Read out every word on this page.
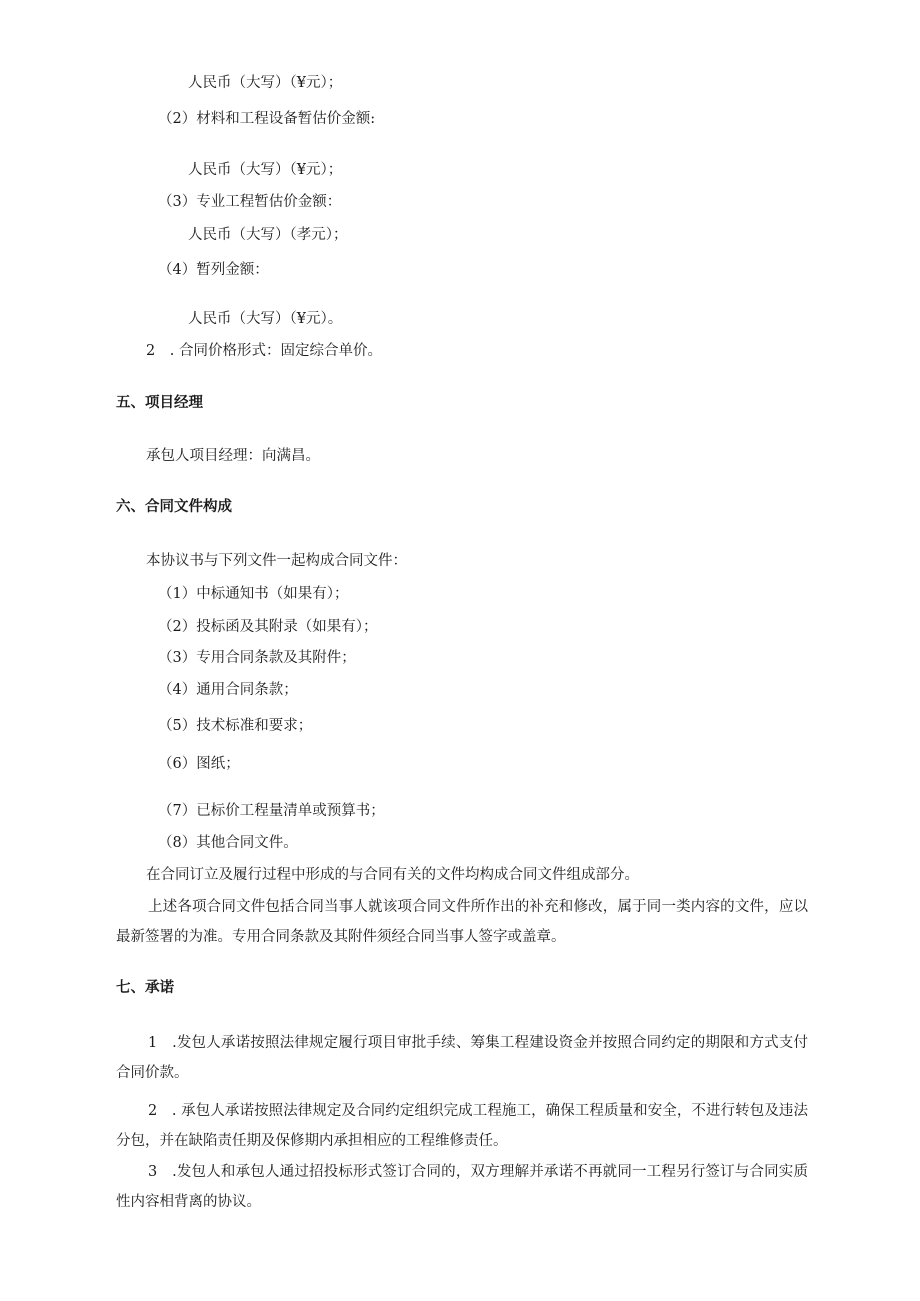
人民币（大写）（¥元）；

（2）材料和工程设备暂估价金额:

人民币（大写）（¥元）；

（3）专业工程暂估价金额：

人民币（大写）（孝元）；

（4）暂列金额：

人民币（大写）（¥元）。

2　. 合同价格形式：固定综合单价。

五、项目经理

承包人项目经理：向满昌。

六、合同文件构成

本协议书与下列文件一起构成合同文件：

（1）中标通知书（如果有）；

（2）投标函及其附录（如果有）；

（3）专用合同条款及其附件；

（4）通用合同条款；

（5）技术标准和要求；

（6）图纸；

（7）已标价工程量清单或预算书；

（8）其他合同文件。

在合同订立及履行过程中形成的与合同有关的文件均构成合同文件组成部分。

上述各项合同文件包括合同当事人就该项合同文件所作出的补充和修改，属于同一类内容的文件，应以最新签署的为准。专用合同条款及其附件须经合同当事人签字或盖章。

七、承诺

1　.发包人承诺按照法律规定履行项目审批手续、筹集工程建设资金并按照合同约定的期限和方式支付合同价款。

2　. 承包人承诺按照法律规定及合同约定组织完成工程施工，确保工程质量和安全，不进行转包及违法分包，并在缺陷责任期及保修期内承担相应的工程维修责任。

3　.发包人和承包人通过招投标形式签订合同的，双方理解并承诺不再就同一工程另行签订与合同实质性内容相背离的协议。
